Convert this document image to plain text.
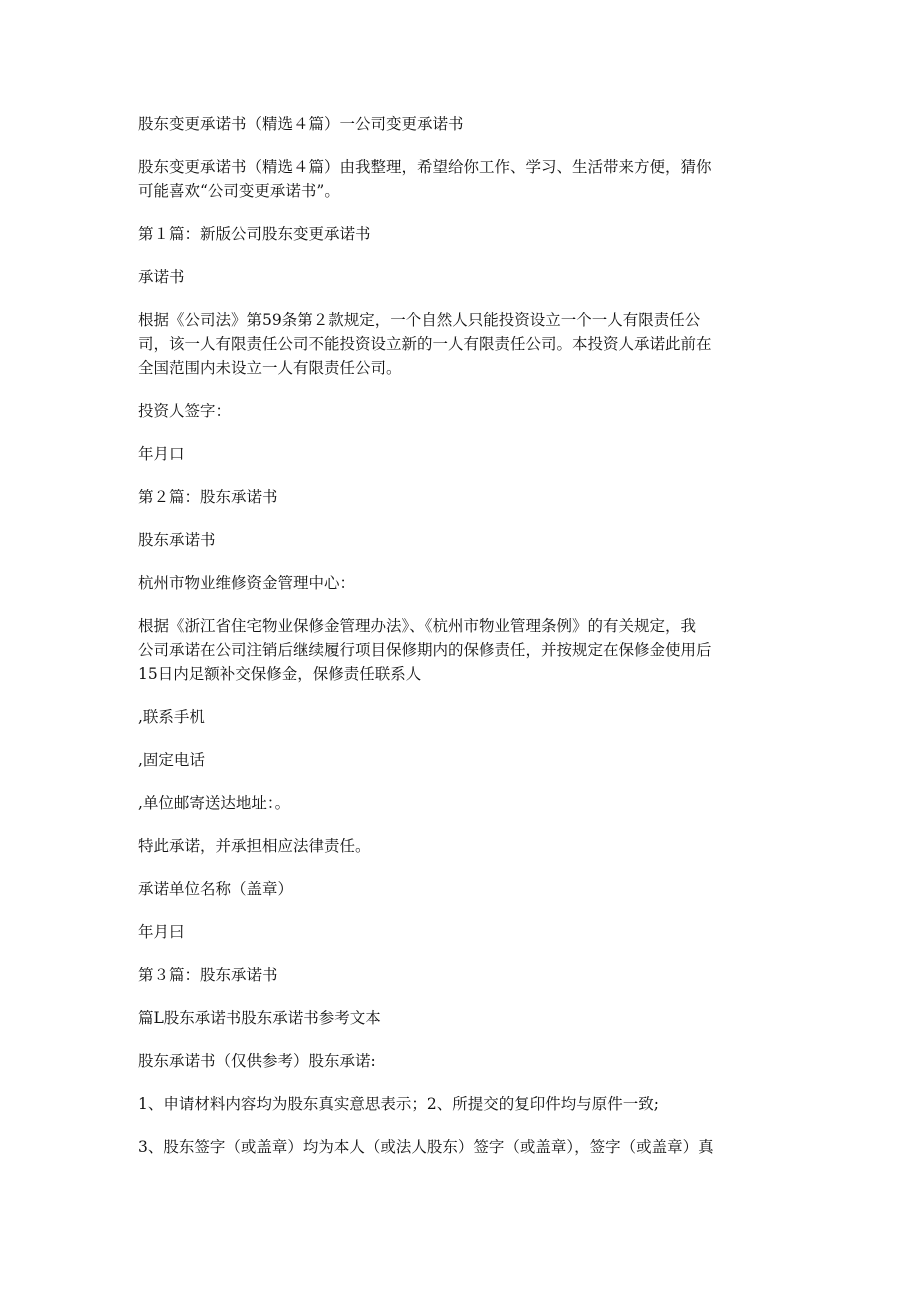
股东变更承诺书（精选４篇）一公司变更承诺书

股东变更承诺书（精选４篇）由我整理，希望给你工作、学习、生活带来方便，猜你
可能喜欢“公司变更承诺书”。

第１篇：新版公司股东变更承诺书

承诺书

根据《公司法》第59条第２款规定，一个自然人只能投资设立一个一人有限责任公
司，该一人有限责任公司不能投资设立新的一人有限责任公司。本投资人承诺此前在
全国范围内未设立一人有限责任公司。

投资人签字：

年月口

第２篇：股东承诺书

股东承诺书

杭州市物业维修资金管理中心：

根据《浙江省住宅物业保修金管理办法》、《杭州市物业管理条例》的有关规定，我
公司承诺在公司注销后继续履行项目保修期内的保修责任，并按规定在保修金使用后
15日内足额补交保修金，保修责任联系人

,联系手机

,固定电话

,单位邮寄送达地址：。

特此承诺，并承担相应法律责任。

承诺单位名称（盖章）

年月曰

第３篇：股东承诺书

篇L股东承诺书股东承诺书参考文本

股东承诺书（仅供参考）股东承诺:

1、申请材料内容均为股东真实意思表示；2、所提交的复印件均与原件一致;

3、股东签字（或盖章）均为本人（或法人股东）签字（或盖章），签字（或盖章）真
